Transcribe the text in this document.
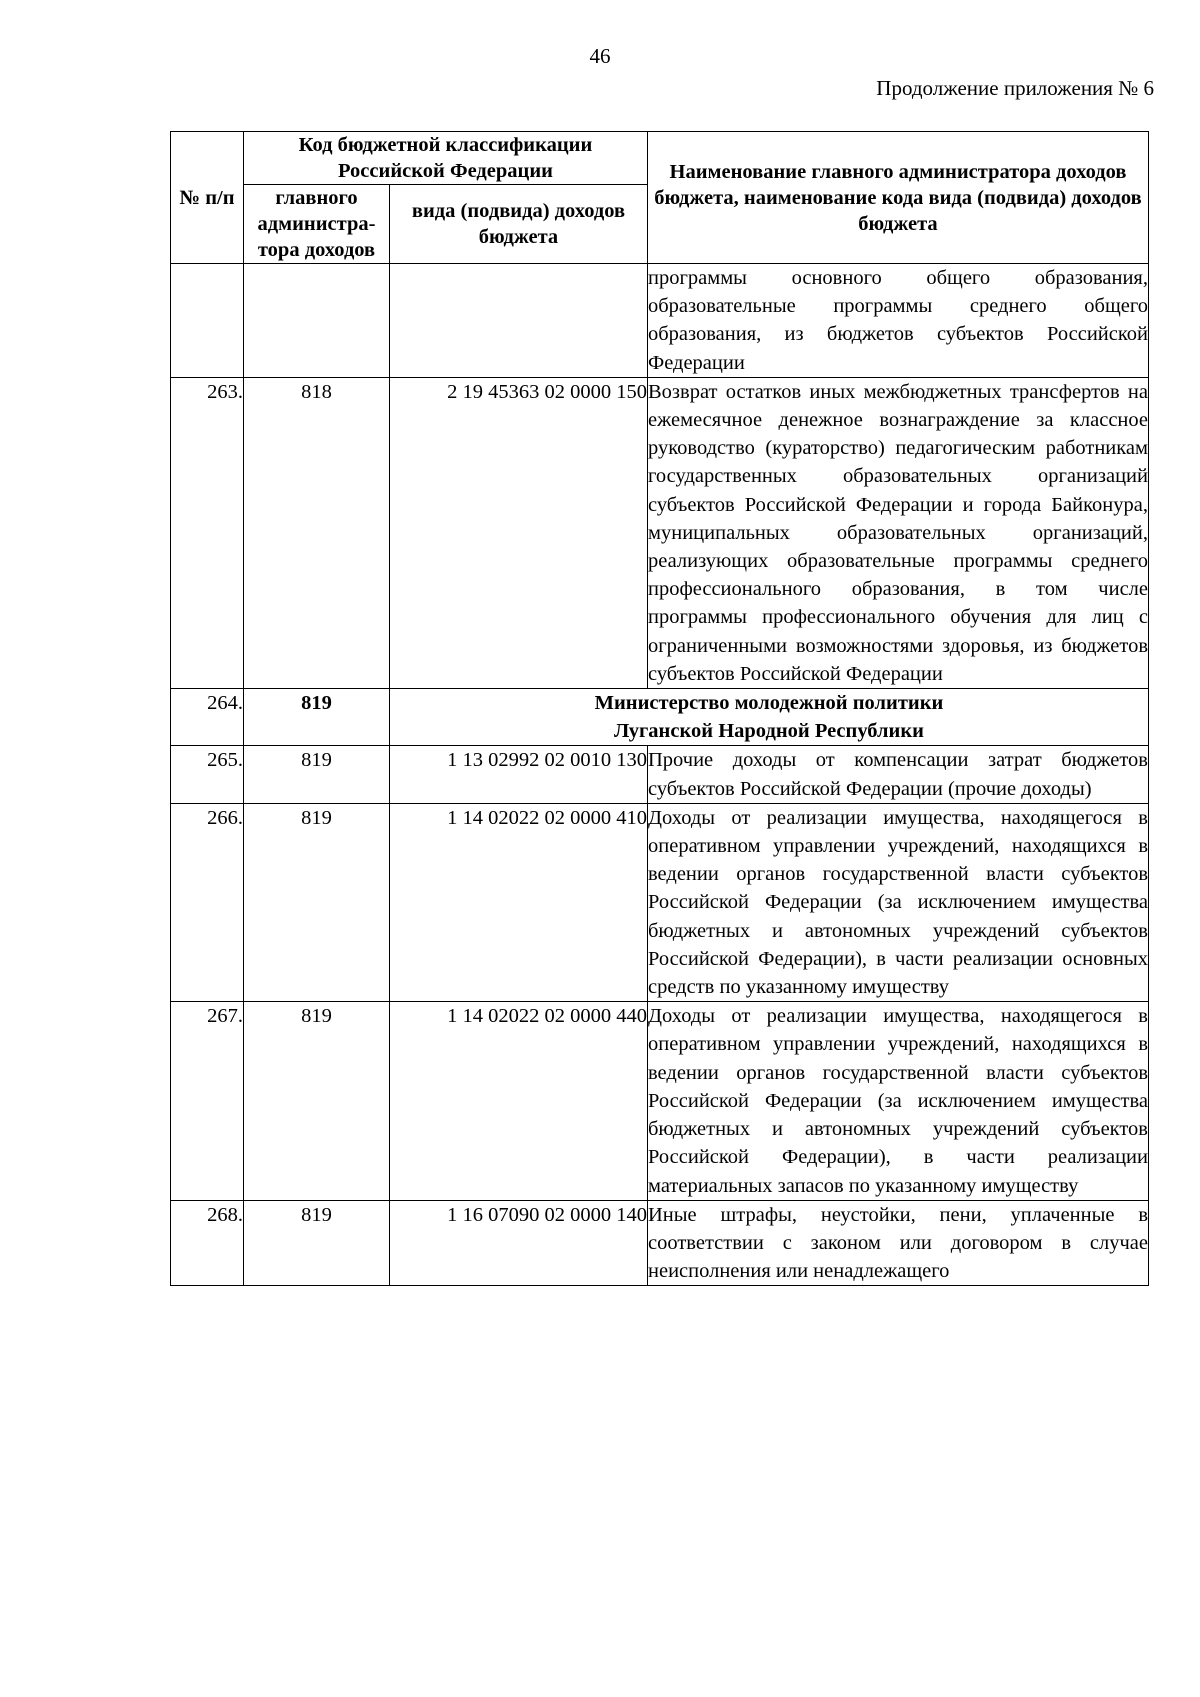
46
Продолжение приложения № 6
№ п/п	Код бюджетной классификации Российской Федерации		Наименование главного администратора доходов бюджета, наименование кода вида (подвида) доходов бюджета
	главного администра-тора доходов	вида (подвида) доходов бюджета	
			программы основного общего образования, образовательные программы среднего общего образования, из бюджетов субъектов Российской Федерации
263.	818	2 19 45363 02 0000 150	Возврат остатков иных межбюджетных трансфертов на ежемесячное денежное вознаграждение за классное руководство (кураторство) педагогическим работникам государственных образовательных организаций субъектов Российской Федерации и города Байконура, муниципальных образовательных организаций, реализующих образовательные программы среднего профессионального образования, в том числе программы профессионального обучения для лиц с ограниченными возможностями здоровья, из бюджетов субъектов Российской Федерации
264.	819	Министерство молодежной политики
Луганской Народной Республики	

265.	819	1 13 02992 02 0010 130	Прочие доходы от компенсации затрат бюджетов субъектов Российской Федерации (прочие доходы)
266.	819	1 14 02022 02 0000 410	Доходы от реализации имущества, находящегося в оперативном управлении учреждений, находящихся в ведении органов государственной власти субъектов Российской Федерации (за исключением имущества бюджетных и автономных учреждений субъектов Российской Федерации), в части реализации основных средств по указанному имуществу
267.	819	1 14 02022 02 0000 440	Доходы от реализации имущества, находящегося в оперативном управлении учреждений, находящихся в ведении органов государственной власти субъектов Российской Федерации (за исключением имущества бюджетных и автономных учреждений субъектов Российской Федерации), в части реализации материальных запасов по указанному имуществу
268.	819	1 16 07090 02 0000 140	Иные штрафы, неустойки, пени, уплаченные в соответствии с законом или договором в случае неисполнения или ненадлежащего
